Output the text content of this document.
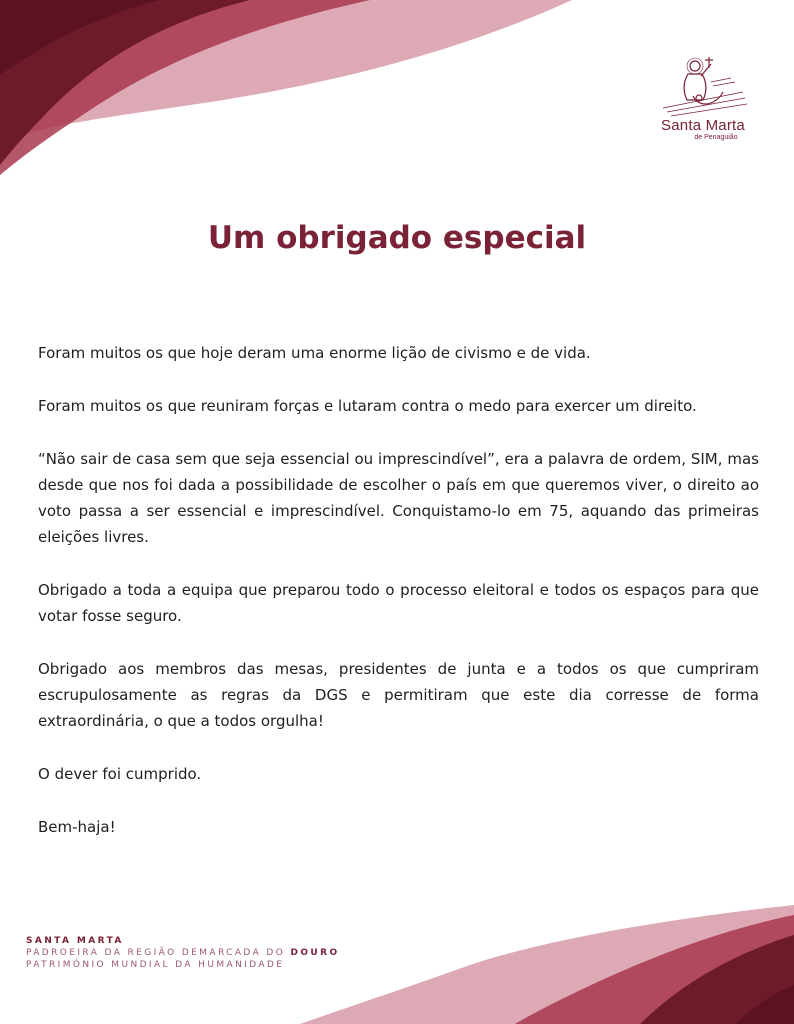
Santa Marta
de Penaguião
Um obrigado especial

Foram muitos os que hoje deram uma enorme lição de civismo e de vida.

Foram muitos os que reuniram forças e lutaram contra o medo para exercer um direito.

“Não sair de casa sem que seja essencial ou imprescindível”, era a palavra de ordem, SIM, mas desde que nos foi dada a possibilidade de escolher o país em que queremos viver, o direito ao voto passa a ser essencial e imprescindível. Conquistamo-lo em 75, aquando das primeiras eleições livres.

Obrigado a toda a equipa que preparou todo o processo eleitoral e todos os espaços para que votar fosse seguro.

Obrigado aos membros das mesas, presidentes de junta e a todos os que cumpriram escrupulosamente as regras da DGS e permitiram que este dia corresse de forma extraordinária, o que a todos orgulha!

O dever foi cumprido.

Bem-haja!

SANTA MARTA
PADROEIRA DA REGIÃO DEMARCADA DO DOURO
PATRIMÓNIO MUNDIAL DA HUMANIDADE
